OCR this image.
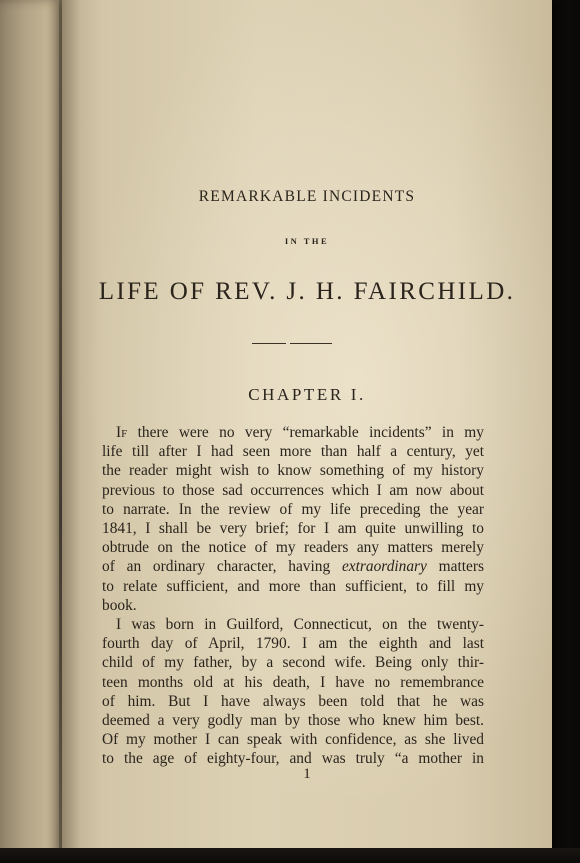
REMARKABLE INCIDENTS
IN THE
LIFE OF REV. J. H. FAIRCHILD.
CHAPTER I.
If there were no very “remarkable incidents” in my
life till after I had seen more than half a century, yet
the reader might wish to know something of my history
previous to those sad occurrences which I am now about
to narrate. In the review of my life preceding the year
1841, I shall be very brief; for I am quite unwilling to
obtrude on the notice of my readers any matters merely
of an ordinary character, having extraordinary matters
to relate sufficient, and more than sufficient, to fill my
book.
I was born in Guilford, Connecticut, on the twenty-
fourth day of April, 1790. I am the eighth and last
child of my father, by a second wife. Being only thir-
teen months old at his death, I have no remembrance
of him. But I have always been told that he was
deemed a very godly man by those who knew him best.
Of my mother I can speak with confidence, as she lived
to the age of eighty-four, and was truly “a mother in
1
